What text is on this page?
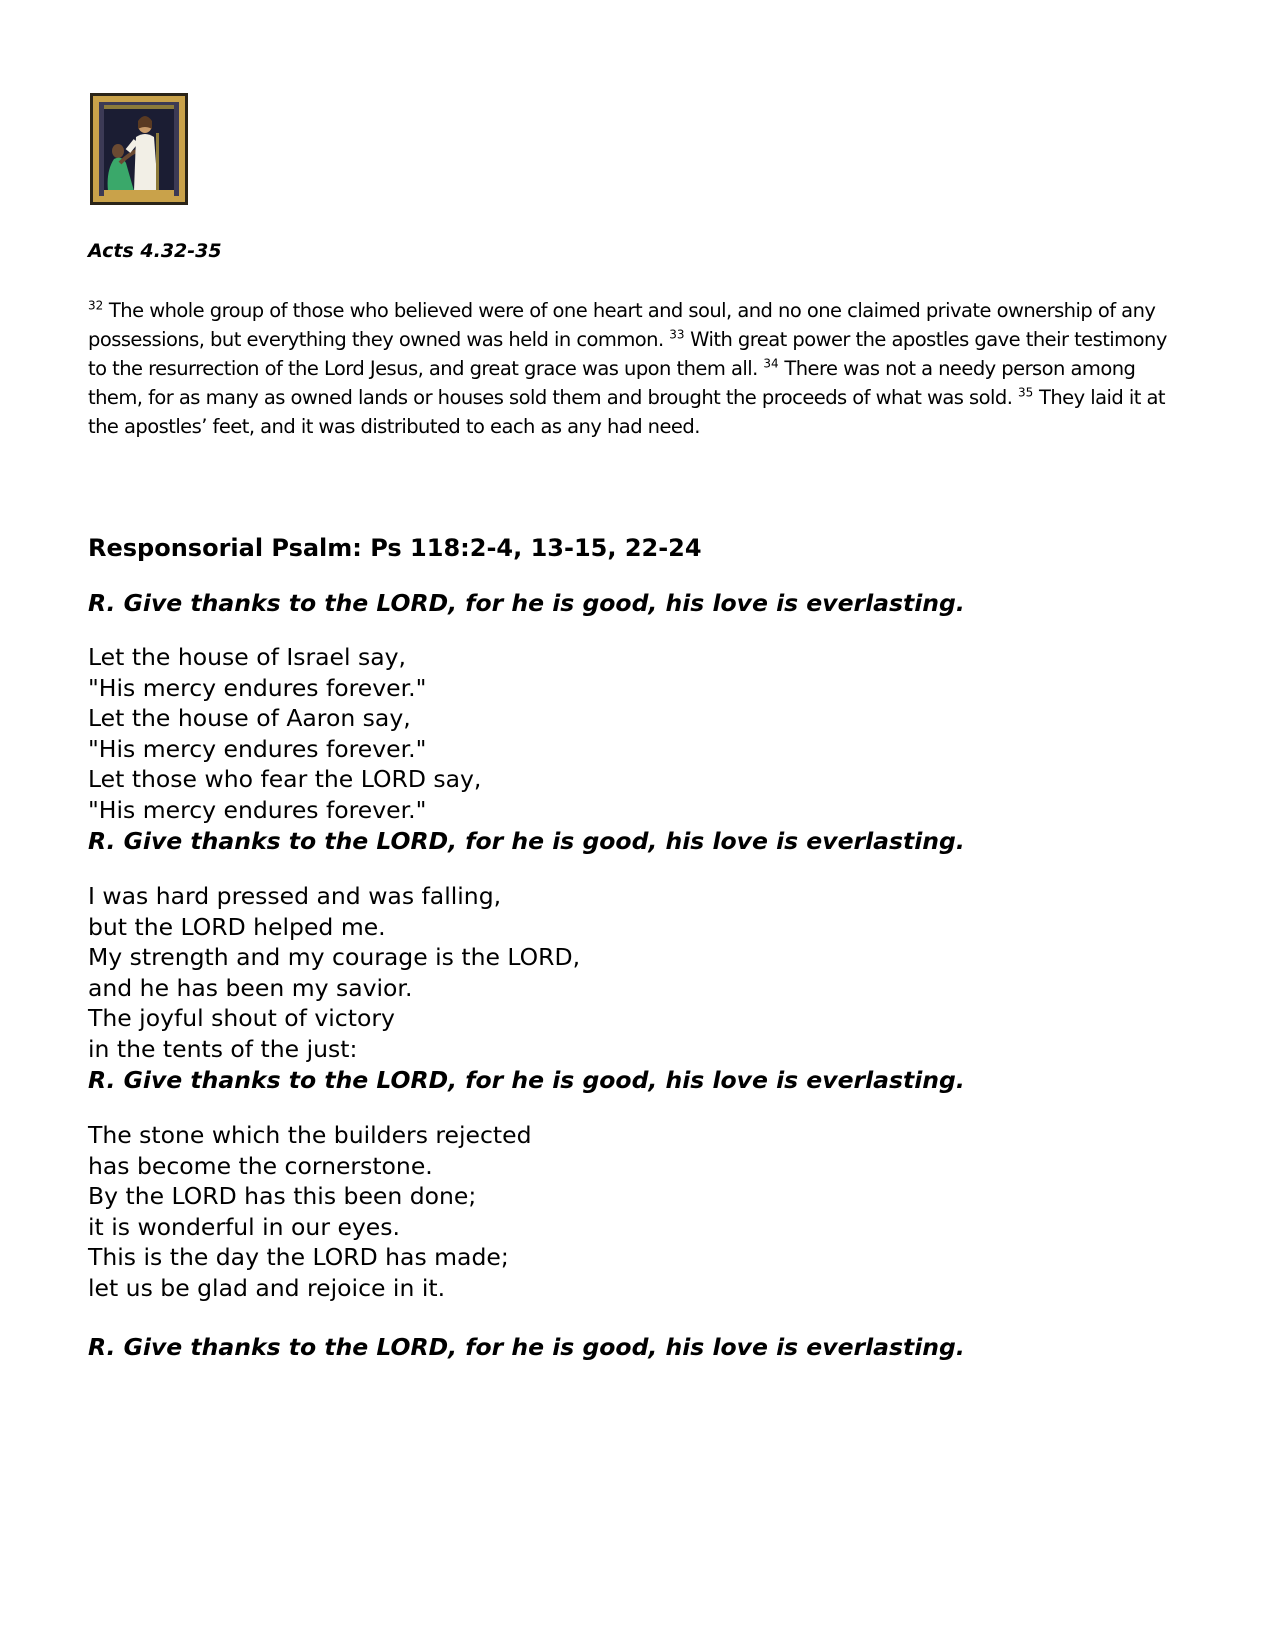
Acts 4.32-35

$^{32}$ The whole group of those who believed were of one heart and soul, and no one claimed private ownership of any possessions, but everything they owned was held in common. $^{33}$ With great power the apostles gave their testimony to the resurrection of the Lord Jesus, and great grace was upon them all. $^{34}$ There was not a needy person among them, for as many as owned lands or houses sold them and brought the proceeds of what was sold. $^{35}$ They laid it at the apostles’ feet, and it was distributed to each as any had need.

Responsorial Psalm: Ps 118:2-4, 13-15, 22-24

R. Give thanks to the LORD, for he is good, his love is everlasting.

Let the house of Israel say,
"His mercy endures forever."
Let the house of Aaron say,
"His mercy endures forever."
Let those who fear the LORD say,
"His mercy endures forever."

R. Give thanks to the LORD, for he is good, his love is everlasting.

I was hard pressed and was falling,
but the LORD helped me.
My strength and my courage is the LORD,
and he has been my savior.
The joyful shout of victory
in the tents of the just:

R. Give thanks to the LORD, for he is good, his love is everlasting.

The stone which the builders rejected
has become the cornerstone.
By the LORD has this been done;
it is wonderful in our eyes.
This is the day the LORD has made;
let us be glad and rejoice in it.

R. Give thanks to the LORD, for he is good, his love is everlasting.
